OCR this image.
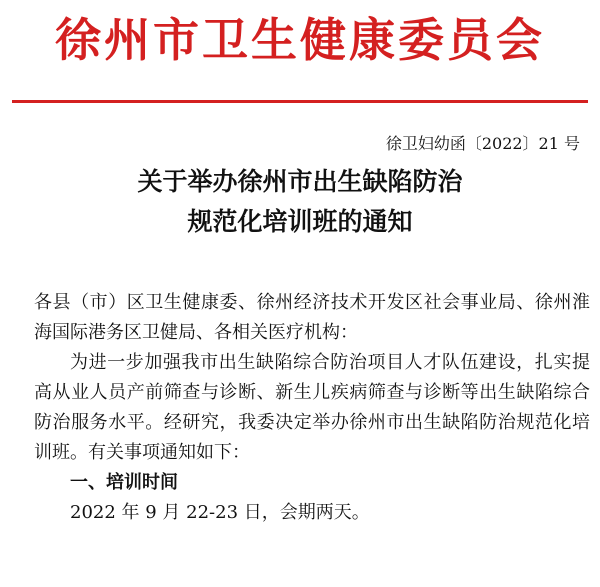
徐州市卫生健康委员会
徐卫妇幼函〔2022〕21 号
关于举办徐州市出生缺陷防治
规范化培训班的通知

各县（市）区卫生健康委、徐州经济技术开发区社会事业局、徐州淮海国际港务区卫健局、各相关医疗机构：

为进一步加强我市出生缺陷综合防治项目人才队伍建设，扎实提高从业人员产前筛查与诊断、新生儿疾病筛查与诊断等出生缺陷综合防治服务水平。经研究，我委决定举办徐州市出生缺陷防治规范化培训班。有关事项通知如下：

一、培训时间

2022 年 9 月 22-23 日，会期两天。
